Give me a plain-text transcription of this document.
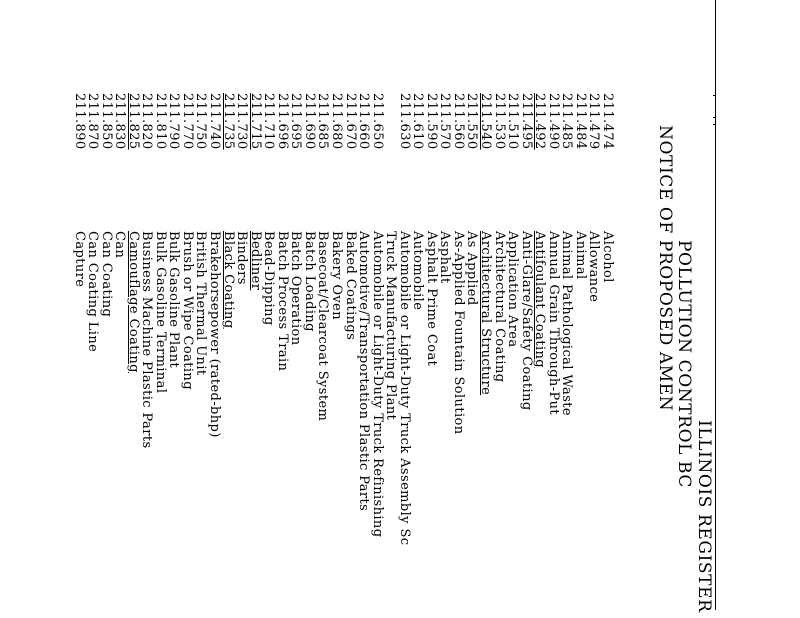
ILLINOIS REGISTER
POLLUTION CONTROL BC
NOTICE OF PROPOSED AMEN
211.474
Alcohol
211.479
Allowance
211.484
Animal
211.485
Animal Pathological Waste
211.490
Annual Grain Through-Put
211.492
Antifoulant Coating
211.495
Anti-Glare/Safety Coating
211.510
Application Area
211.530
Architectural Coating
211.540
Architectural Structure
211.550
As Applied
211.560
As-Applied Fountain Solution
211.570
Asphalt
211.590
Asphalt Prime Coat
211.610
Automobile
211.630
Automobile or Light-Duty Truck Assembly Sc
Truck Manufacturing Plant
211.650
Automobile or Light-Duty Truck Refinishing
211.660
Automotive/Transportation Plastic Parts
211.670
Baked Coatings
211.680
Bakery Oven
211.685
Basecoat/Clearcoat System
211.690
Batch Loading
211.695
Batch Operation
211.696
Batch Process Train
211.710
Bead-Dipping
211.715
Bedliner
211.730
Binders
211.735
Black Coating
211.740
Brakehorsepower (rated-bhp)
211.750
British Thermal Unit
211.770
Brush or Wipe Coating
211.790
Bulk Gasoline Plant
211.810
Bulk Gasoline Terminal
211.820
Business Machine Plastic Parts
211.825
Camouflage Coating
211.830
Can
211.850
Can Coating
211.870
Can Coating Line
211.890
Capture
